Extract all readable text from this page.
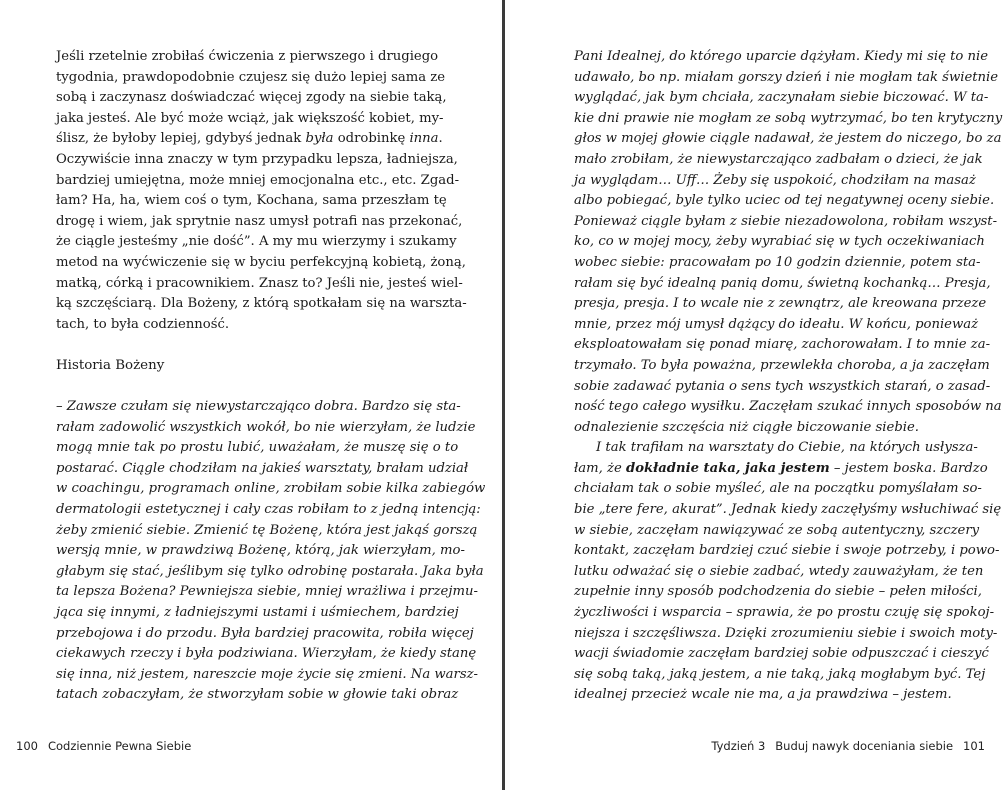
Jeśli rzetelnie zrobiłaś ćwiczenia z pierwszego i drugiego
tygodnia, prawdopodobnie czujesz się dużo lepiej sama ze
sobą i zaczynasz doświadczać więcej zgody na siebie taką,
jaka jesteś. Ale być może wciąż, jak większość kobiet, my-
ślisz, że byłoby lepiej, gdybyś jednak była odrobinkę inna.
Oczywiście inna znaczy w tym przypadku lepsza, ładniejsza,
bardziej umiejętna, może mniej emocjonalna etc., etc. Zgad-
łam? Ha, ha, wiem coś o tym, Kochana, sama przeszłam tę
drogę i wiem, jak sprytnie nasz umysł potrafi nas przekonać,
że ciągle jesteśmy „nie dość”. A my mu wierzymy i szukamy
metod na wyćwiczenie się w byciu perfekcyjną kobietą, żoną,
matką, córką i pracownikiem. Znasz to? Jeśli nie, jesteś wiel-
ką szczęściarą. Dla Bożeny, z którą spotkałam się na warszta-
tach, to była codzienność.
Historia Bożeny
– Zawsze czułam się niewystarczająco dobra. Bardzo się sta-
rałam zadowolić wszystkich wokół, bo nie wierzyłam, że ludzie
mogą mnie tak po prostu lubić, uważałam, że muszę się o to
postarać. Ciągle chodziłam na jakieś warsztaty, brałam udział
w coachingu, programach online, zrobiłam sobie kilka zabiegów
dermatologii estetycznej i cały czas robiłam to z jedną intencją:
żeby zmienić siebie. Zmienić tę Bożenę, która jest jakąś gorszą
wersją mnie, w prawdziwą Bożenę, którą, jak wierzyłam, mo-
głabym się stać, jeślibym się tylko odrobinę postarała. Jaka była
ta lepsza Bożena? Pewniejsza siebie, mniej wrażliwa i przejmu-
jąca się innymi, z ładniejszymi ustami i uśmiechem, bardziej
przebojowa i do przodu. Była bardziej pracowita, robiła więcej
ciekawych rzeczy i była podziwiana. Wierzyłam, że kiedy stanę
się inna, niż jestem, nareszcie moje życie się zmieni. Na warsz-
tatach zobaczyłam, że stworzyłam sobie w głowie taki obraz
100 Codziennie Pewna Siebie
Pani Idealnej, do którego uparcie dążyłam. Kiedy mi się to nie
udawało, bo np. miałam gorszy dzień i nie mogłam tak świetnie
wyglądać, jak bym chciała, zaczynałam siebie biczować. W ta-
kie dni prawie nie mogłam ze sobą wytrzymać, bo ten krytyczny
głos w mojej głowie ciągle nadawał, że jestem do niczego, bo za
mało zrobiłam, że niewystarczająco zadbałam o dzieci, że jak
ja wyglądam… Uff… Żeby się uspokoić, chodziłam na masaż
albo pobiegać, byle tylko uciec od tej negatywnej oceny siebie.
Ponieważ ciągle byłam z siebie niezadowolona, robiłam wszyst-
ko, co w mojej mocy, żeby wyrabiać się w tych oczekiwaniach
wobec siebie: pracowałam po 10 godzin dziennie, potem sta-
rałam się być idealną panią domu, świetną kochanką… Presja,
presja, presja. I to wcale nie z zewnątrz, ale kreowana przeze
mnie, przez mój umysł dążący do ideału. W końcu, ponieważ
eksploatowałam się ponad miarę, zachorowałam. I to mnie za-
trzymało. To była poważna, przewlekła choroba, a ja zaczęłam
sobie zadawać pytania o sens tych wszystkich starań, o zasad-
ność tego całego wysiłku. Zaczęłam szukać innych sposobów na
odnalezienie szczęścia niż ciągłe biczowanie siebie.
I tak trafiłam na warsztaty do Ciebie, na których usłysza-
łam, że dokładnie taka, jaka jestem – jestem boska. Bardzo
chciałam tak o sobie myśleć, ale na początku pomyślałam so-
bie „tere fere, akurat”. Jednak kiedy zaczęłyśmy wsłuchiwać się
w siebie, zaczęłam nawiązywać ze sobą autentyczny, szczery
kontakt, zaczęłam bardziej czuć siebie i swoje potrzeby, i powo-
lutku odważać się o siebie zadbać, wtedy zauważyłam, że ten
zupełnie inny sposób podchodzenia do siebie – pełen miłości,
życzliwości i wsparcia – sprawia, że po prostu czuję się spokoj-
niejsza i szczęśliwsza. Dzięki zrozumieniu siebie i swoich moty-
wacji świadomie zaczęłam bardziej sobie odpuszczać i cieszyć
się sobą taką, jaką jestem, a nie taką, jaką mogłabym być. Tej
idealnej przecież wcale nie ma, a ja prawdziwa – jestem.
Tydzień 3 Buduj nawyk doceniania siebie 101
